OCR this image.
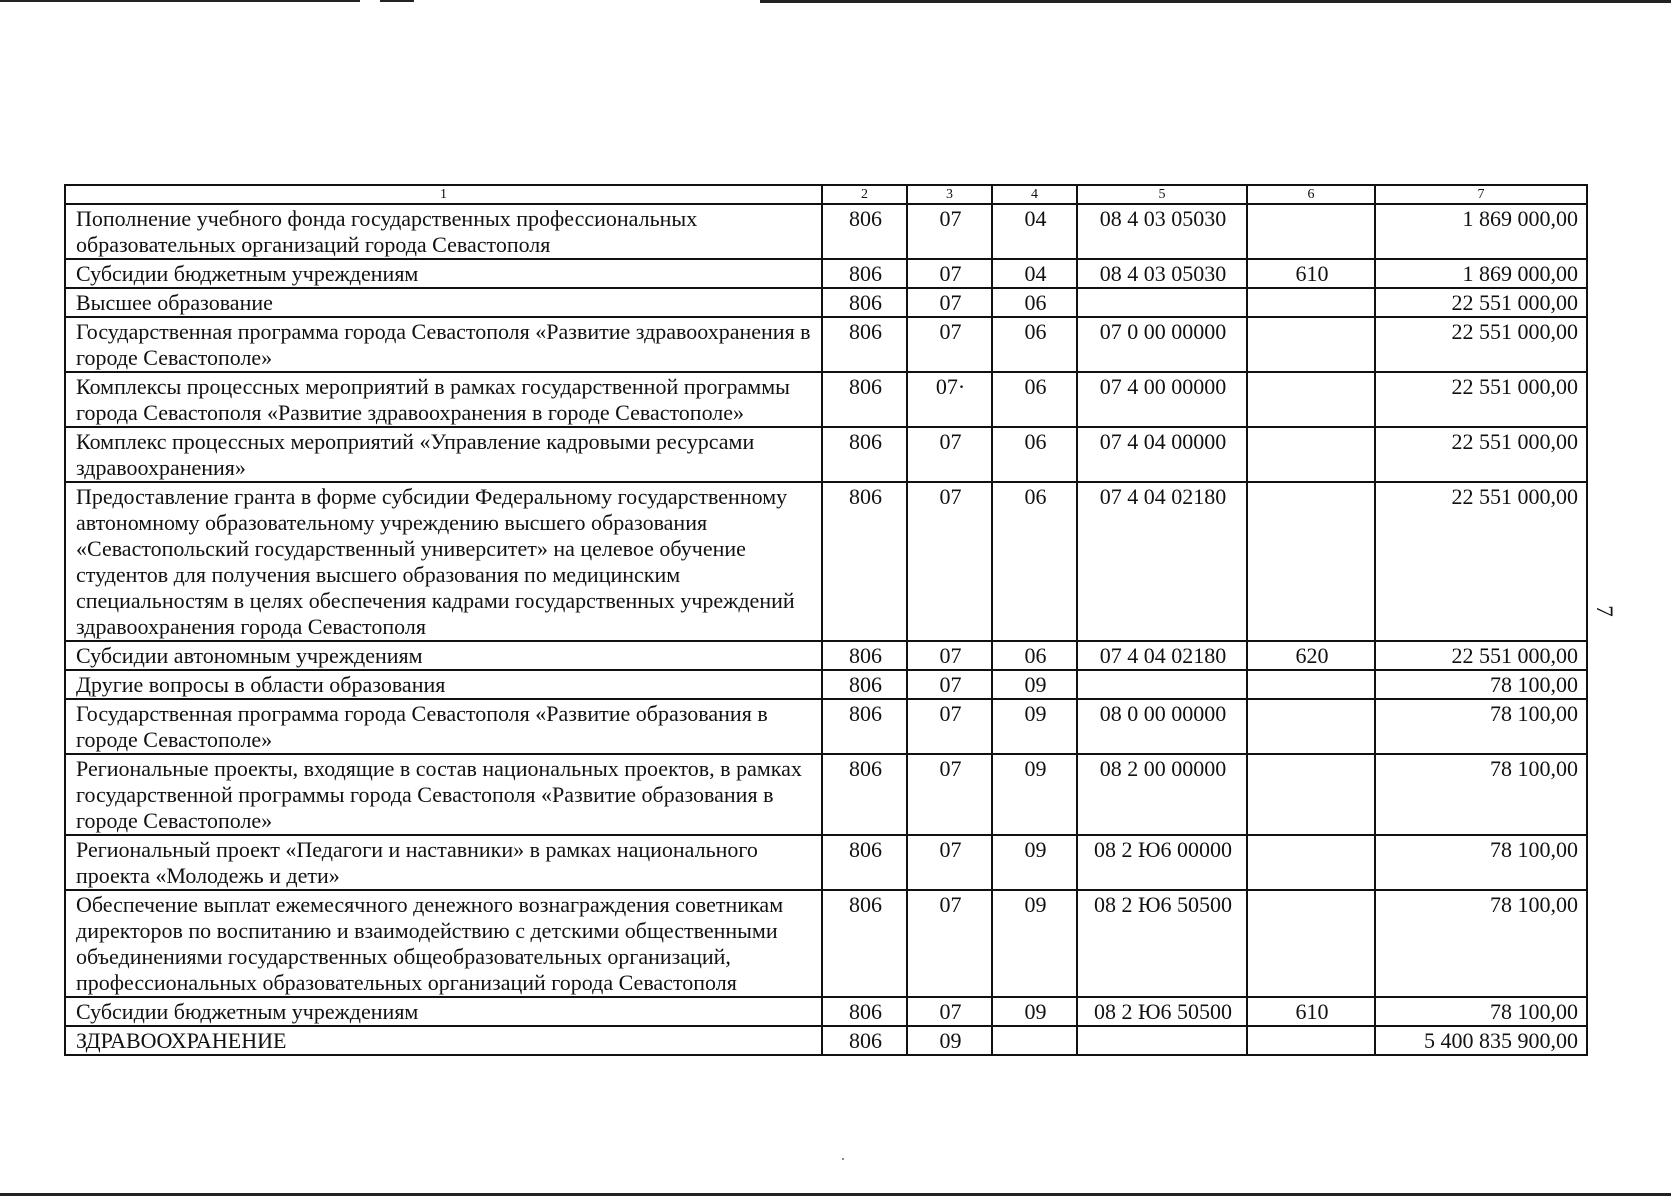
7
1	2	3	4	5	6	7
Пополнение учебного фонда государственных профессиональных образовательных организаций города Севастополя	806	07	04	08 4 03 05030		1 869 000,00
Субсидии бюджетным учреждениям	806	07	04	08 4 03 05030	610	1 869 000,00
Высшее образование	806	07	06			22 551 000,00
Государственная программа города Севастополя «Развитие здравоохранения в городе Севастополе»	806	07	06	07 0 00 00000		22 551 000,00
Комплексы процессных мероприятий в рамках государственной программы города Севастополя «Развитие здравоохранения в городе Севастополе»	806	07·	06	07 4 00 00000		22 551 000,00
Комплекс процессных мероприятий «Управление кадровыми ресурсами здравоохранения»	806	07	06	07 4 04 00000		22 551 000,00
Предоставление гранта в форме субсидии Федеральному государственному автономному образовательному учреждению высшего образования «Севастопольский государственный университет» на целевое обучение студентов для получения высшего образования по медицинским специальностям в целях обеспечения кадрами государственных учреждений здравоохранения города Севастополя	806	07	06	07 4 04 02180		22 551 000,00
Субсидии автономным учреждениям	806	07	06	07 4 04 02180	620	22 551 000,00
Другие вопросы в области образования	806	07	09			78 100,00
Государственная программа города Севастополя «Развитие образования в городе Севастополе»	806	07	09	08 0 00 00000		78 100,00
Региональные проекты, входящие в состав национальных проектов, в рамках государственной программы города Севастополя «Развитие образования в городе Севастополе»	806	07	09	08 2 00 00000		78 100,00
Региональный проект «Педагоги и наставники» в рамках национального проекта «Молодежь и дети»	806	07	09	08 2 Ю6 00000		78 100,00
Обеспечение выплат ежемесячного денежного вознаграждения советникам директоров по воспитанию и взаимодействию с детскими общественными объединениями государственных общеобразовательных организаций, профессиональных образовательных организаций города Севастополя	806	07	09	08 2 Ю6 50500		78 100,00
Субсидии бюджетным учреждениям	806	07	09	08 2 Ю6 50500	610	78 100,00
ЗДРАВООХРАНЕНИЕ	806	09				5 400 835 900,00
